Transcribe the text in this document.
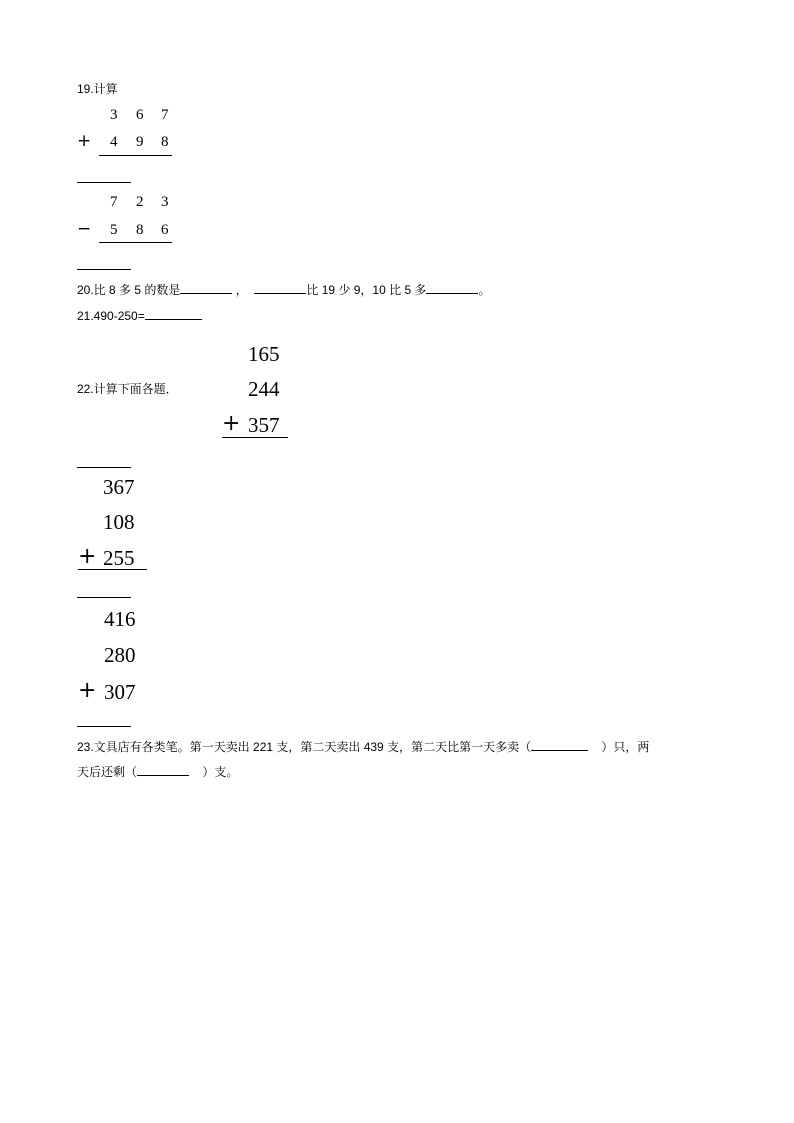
19.计算
3 6 7
+ 4 9 8
7 2 3
− 5 8 6
20.比 8 多 5 的数是	，	比 19 少 9，10 比 5 多	。
21.490-250=
22.计算下面各题．
165
244
+ 357
367
108
+ 255
416
280
+ 307
23.文具店有各类笔。第一天卖出 221 支，第二天卖出 439 支，第二天比第一天多卖（	）只，两
天后还剩（	）支。
